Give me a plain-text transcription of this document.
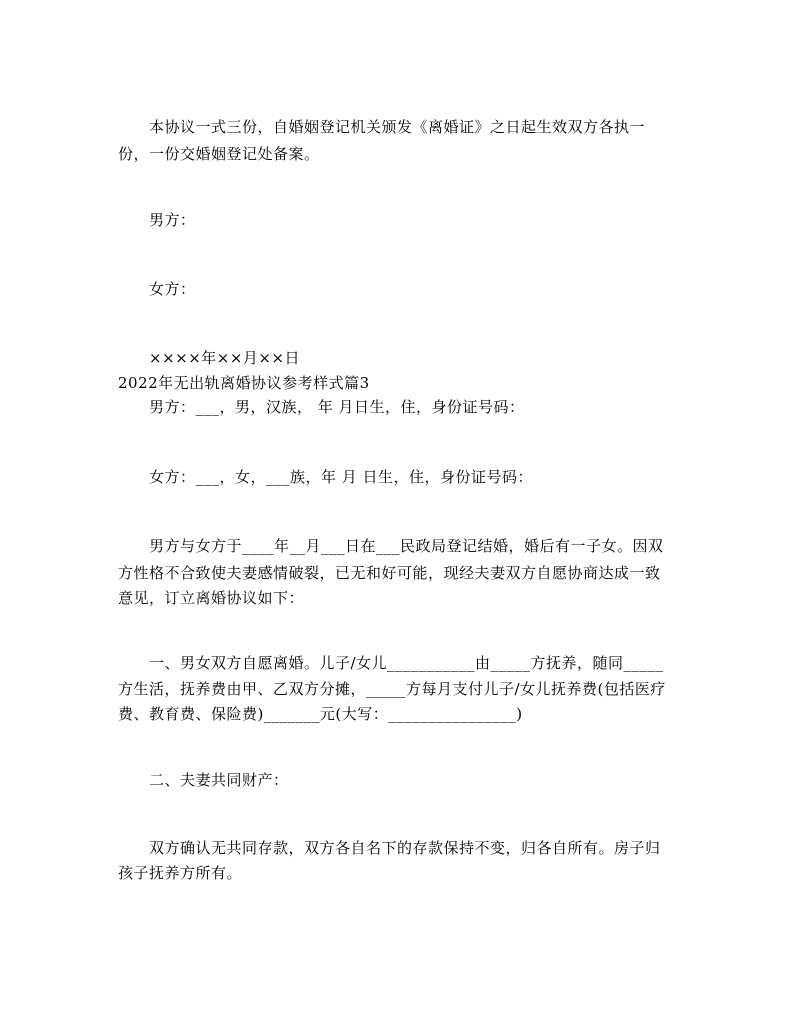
本协议一式三份，自婚姻登记机关颁发《离婚证》之日起生效双方各执一
份，一份交婚姻登记处备案。
男方：
女方：
××××年××月××日
2022年无出轨离婚协议参考样式篇3
男方：___，男，汉族， 年 月日生，住，身份证号码：
女方：___，女，___族，年 月 日生，住，身份证号码：
男方与女方于____年__月___日在___民政局登记结婚，婚后有一子女。因双
方性格不合致使夫妻感情破裂，已无和好可能，现经夫妻双方自愿协商达成一致
意见，订立离婚协议如下：
一、男女双方自愿离婚。儿子/女儿___________由_____方抚养，随同_____
方生活，抚养费由甲、乙双方分摊，_____方每月支付儿子/女儿抚养费(包括医疗
费、教育费、保险费)_______元(大写：________________)
二、夫妻共同财产：
双方确认无共同存款，双方各自名下的存款保持不变，归各自所有。房子归
孩子抚养方所有。
